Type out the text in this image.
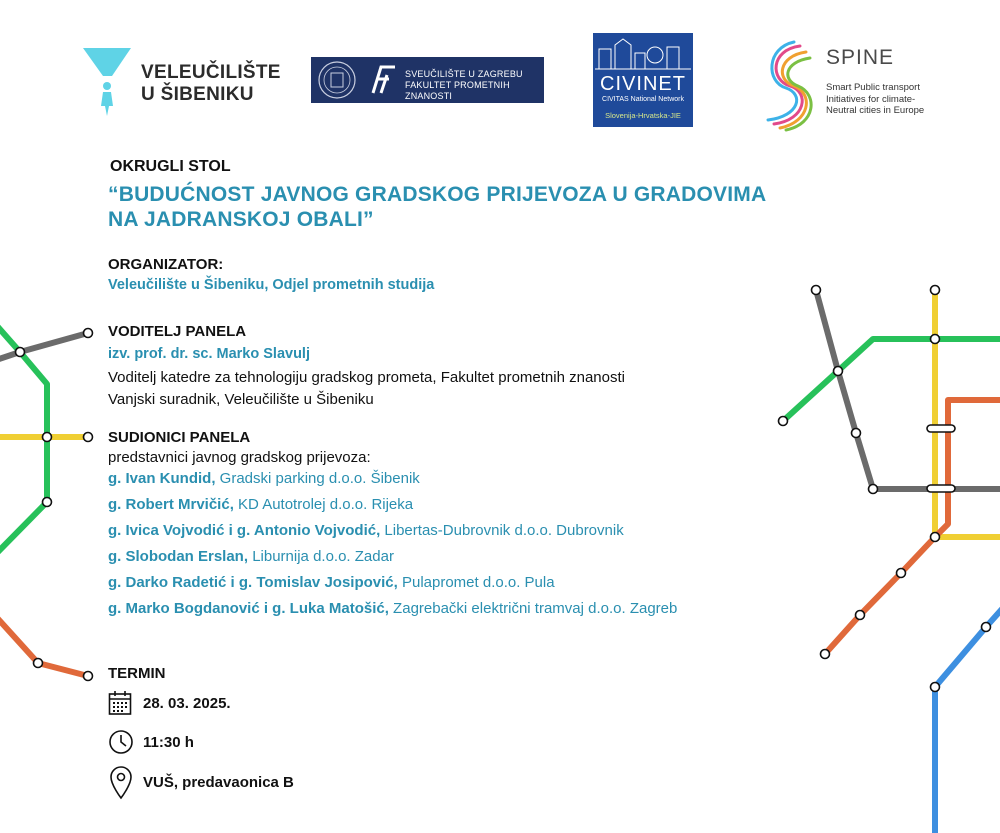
VELEUČILIŠTE
U ŠIBENIKU
SVEUČILIŠTE U ZAGREBU
FAKULTET PROMETNIH ZNANOSTI
CIVINET
CIVITAS National Network
Slovenija-Hrvatska-JIE
SPINE
Smart Public transport Initiatives for climate-Neutral cities in Europe
OKRUGLI STOL
“BUDUĆNOST JAVNOG GRADSKOG PRIJEVOZA U GRADOVIMA
NA JADRANSKOJ OBALI”
ORGANIZATOR:
Veleučilište u Šibeniku, Odjel prometnih studija
VODITELJ PANELA
izv. prof. dr. sc. Marko Slavulj
Voditelj katedre za tehnologiju gradskog prometa, Fakultet prometnih znanosti
Vanjski suradnik, Veleučilište u Šibeniku
SUDIONICI PANELA
predstavnici javnog gradskog prijevoza:
g. Ivan Kundid, Gradski parking d.o.o. Šibenik
g. Robert Mrvičić, KD Autotrolej d.o.o. Rijeka
g. Ivica Vojvodić i g. Antonio Vojvodić, Libertas-Dubrovnik d.o.o. Dubrovnik
g. Slobodan Erslan, Liburnija d.o.o. Zadar
g. Darko Radetić i g. Tomislav Josipović, Pulapromet d.o.o. Pula
g. Marko Bogdanović i g. Luka Matošić, Zagrebački električni tramvaj d.o.o. Zagreb
TERMIN
28. 03. 2025.
11:30 h
VUŠ, predavaonica B
